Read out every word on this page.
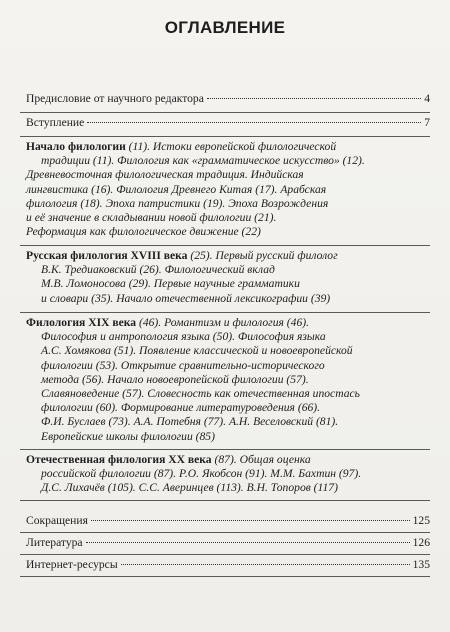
ОГЛАВЛЕНИЕ
Предисловие от научного редактора	4
Вступление	7
Начало филологии (11). Истоки европейской филологической
традиции (11). Филология как «грамматическое искусство» (12).
Древневосточная филологическая традиция. Индийская
лингвистика (16). Филология Древнего Китая (17). Арабская
филология (18). Эпоха патристики (19). Эпоха Возрождения
и её значение в складывании новой филологии (21).
Реформация как филологическое движение (22)
Русская филология XVIII века (25). Первый русский филолог
В.К. Тредиаковский (26). Филологический вклад
М.В. Ломоносова (29). Первые научные грамматики
и словари (35). Начало отечественной лексикографии (39)
Филология XIX века (46). Романтизм и филология (46).
Философия и антропология языка (50). Философия языка
А.С. Хомякова (51). Появление классической и новоевропейской
филологии (53). Открытие сравнительно-исторического
метода (56). Начало новоевропейской филологии (57).
Славяноведение (57). Словесность как отечественная ипостась
филологии (60). Формирование литературоведения (66).
Ф.И. Буслаев (73). А.А. Потебня (77). А.Н. Веселовский (81).
Европейские школы филологии (85)
Отечественная филология XX века (87). Общая оценка
российской филологии (87). Р.О. Якобсон (91). М.М. Бахтин (97).
Д.С. Лихачёв (105). С.С. Аверинцев (113). В.Н. Топоров (117)
Сокращения	125
Литература	126
Интернет-ресурсы	135
